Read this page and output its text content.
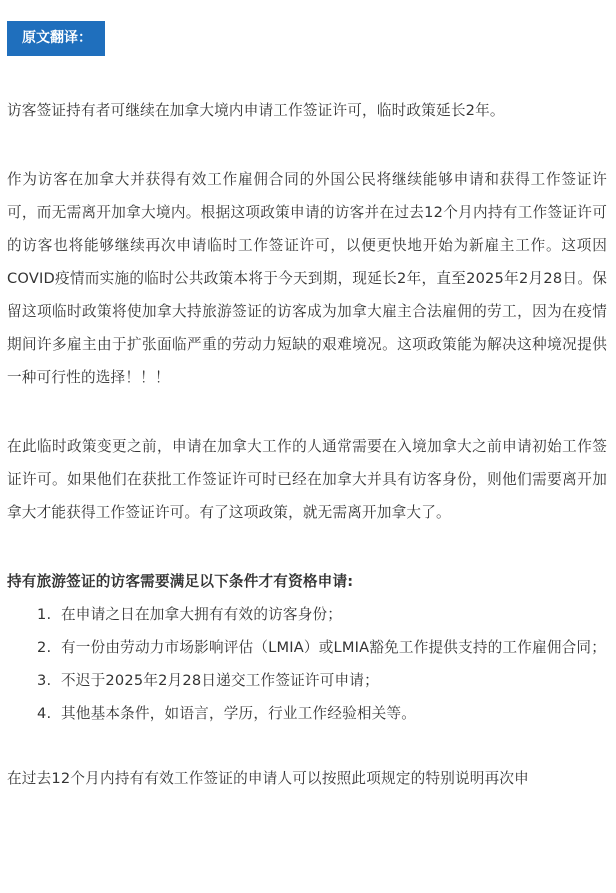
原文翻译：

访客签证持有者可继续在加拿大境内申请工作签证许可，临时政策延长2年。

作为访客在加拿大并获得有效工作雇佣合同的外国公民将继续能够申请和获得工作签证许可，而无需离开加拿大境内。根据这项政策申请的访客并在过去12个月内持有工作签证许可的访客也将能够继续再次申请临时工作签证许可，以便更快地开始为新雇主工作。这项因COVID疫情而实施的临时公共政策本将于今天到期，现延长2年，直至2025年2月28日。保留这项临时政策将使加拿大持旅游签证的访客成为加拿大雇主合法雇佣的劳工，因为在疫情期间许多雇主由于扩张面临严重的劳动力短缺的艰难境况。这项政策能为解决这种境况提供一种可行性的选择！！！

在此临时政策变更之前，申请在加拿大工作的人通常需要在入境加拿大之前申请初始工作签证许可。如果他们在获批工作签证许可时已经在加拿大并具有访客身份，则他们需要离开加拿大才能获得工作签证许可。有了这项政策，就无需离开加拿大了。

持有旅游签证的访客需要满足以下条件才有资格申请:

1. 在申请之日在加拿大拥有有效的访客身份；
2. 有一份由劳动力市场影响评估（LMIA）或LMIA豁免工作提供支持的工作雇佣合同；
3. 不迟于2025年2月28日递交工作签证许可申请；
4. 其他基本条件，如语言，学历，行业工作经验相关等。

在过去12个月内持有有效工作签证的申请人可以按照此项规定的特别说明再次申
